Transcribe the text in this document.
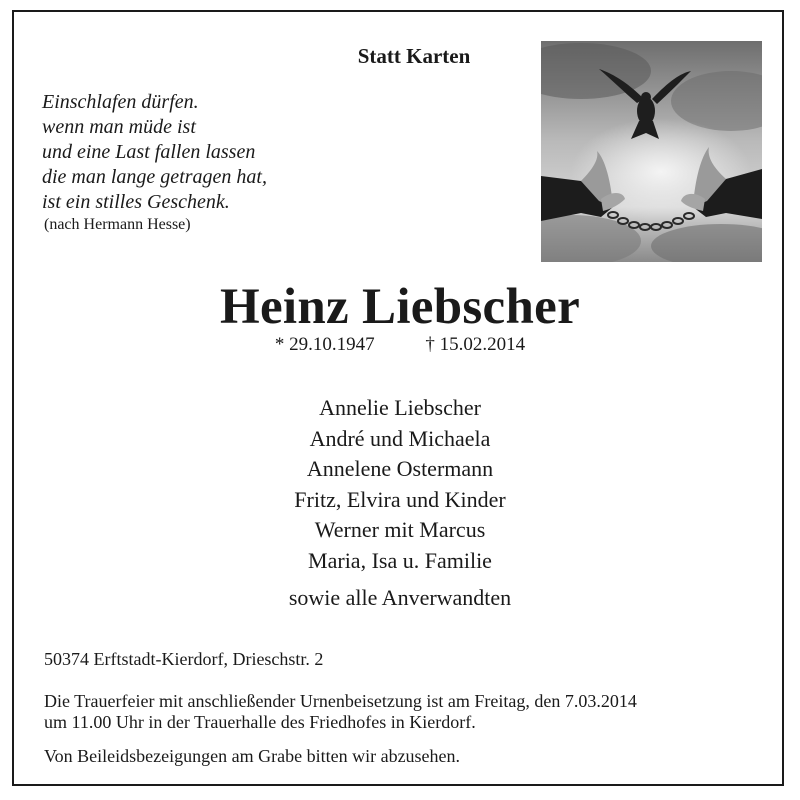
Statt Karten
Einschlafen dürfen.
wenn man müde ist
und eine Last fallen lassen
die man lange getragen hat,
ist ein stilles Geschenk.
(nach Hermann Hesse)
Heinz Liebscher
* 29.10.1947	† 15.02.2014
Annelie Liebscher
André und Michaela
Annelene Ostermann
Fritz, Elvira und Kinder
Werner mit Marcus
Maria, Isa u. Familie
sowie alle Anverwandten
50374 Erftstadt-Kierdorf, Drieschstr. 2
Die Trauerfeier mit anschließender Urnenbeisetzung ist am Freitag, den 7.03.2014
um 11.00 Uhr in der Trauerhalle des Friedhofes in Kierdorf.
Von Beileidsbezeigungen am Grabe bitten wir abzusehen.
